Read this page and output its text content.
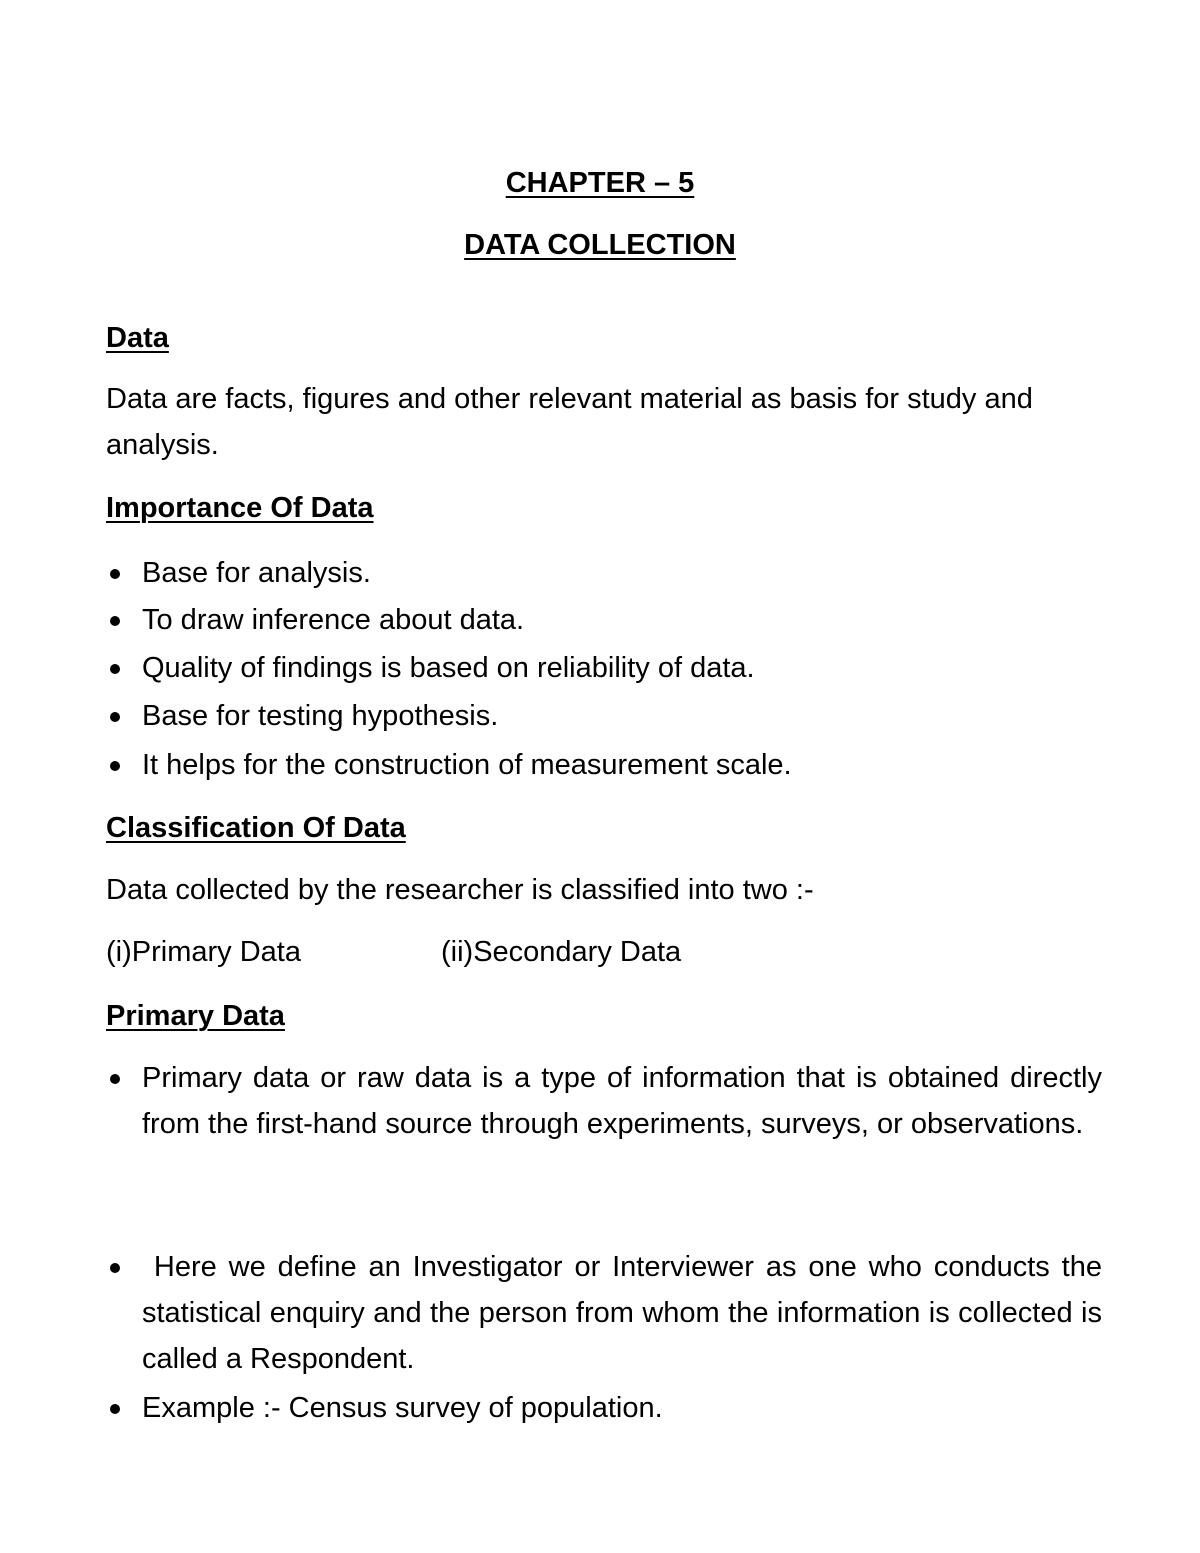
CHAPTER – 5
DATA COLLECTION
Data
Data are facts, figures and other relevant material as basis for study and analysis.
Importance Of Data
Base for analysis.
To draw inference about data.
Quality of findings is based on reliability of data.
Base for testing hypothesis.
It helps for the construction of measurement scale.
Classification Of Data
Data collected by the researcher is classified into two :-
(i)Primary Data	(ii)Secondary Data
Primary Data
Primary data or raw data is a type of information that is obtained directly from the first-hand source through experiments, surveys, or observations.
Here we define an Investigator or Interviewer as one who conducts the statistical enquiry and the person from whom the information is collected is called a Respondent.
Example :- Census survey of population.
